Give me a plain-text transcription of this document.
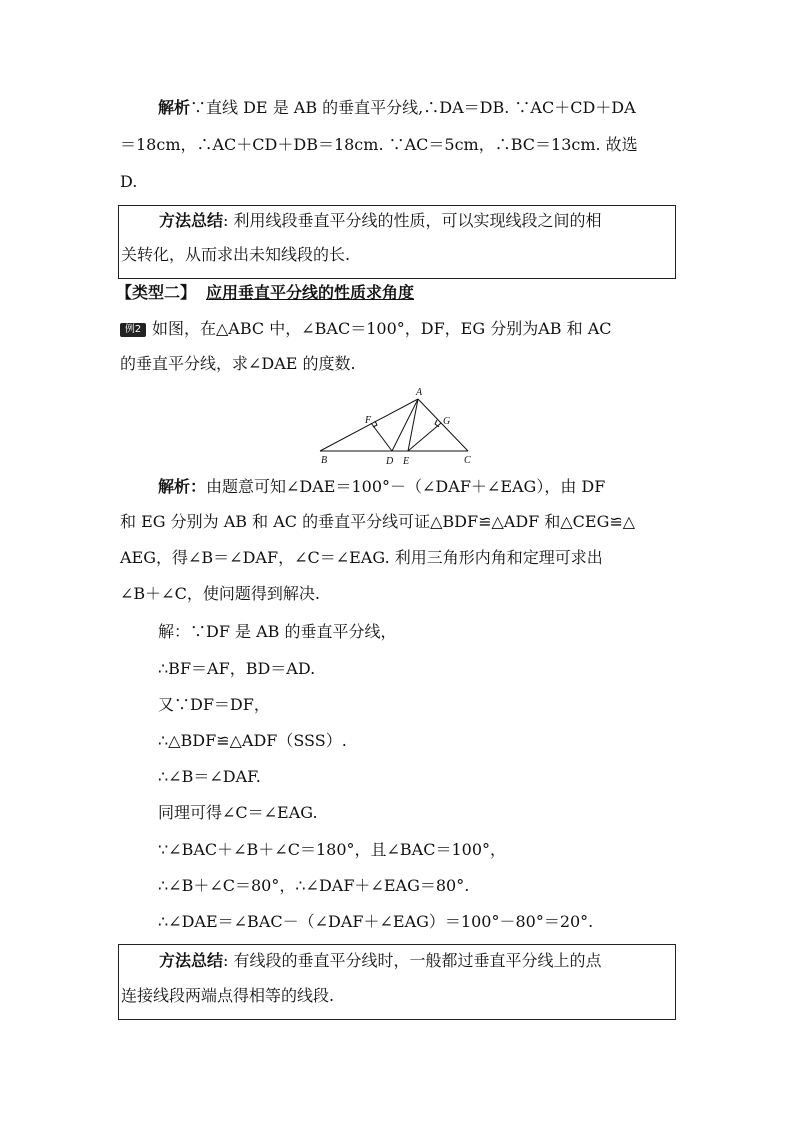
解析∵直线 DE 是 AB 的垂直平分线,∴DA＝DB. ∵AC＋CD＋DA
＝18cm，∴AC＋CD＋DB＝18cm. ∵AC＝5cm，∴BC＝13cm. 故选
D.
方法总结: 利用线段垂直平分线的性质，可以实现线段之间的相
关转化，从而求出未知线段的长.
【类型二】 应用垂直平分线的性质求角度
例2 如图，在△ABC 中，∠BAC＝100°，DF，EG 分别为AB 和 AC
的垂直平分线，求∠DAE 的度数.
A
F	G
B	D E	C
解析：由题意可知∠DAE＝100°－（∠DAF＋∠EAG），由 DF
和 EG 分别为 AB 和 AC 的垂直平分线可证△BDF≌△ADF 和△CEG≌△
AEG，得∠B＝∠DAF，∠C＝∠EAG. 利用三角形内角和定理可求出
∠B＋∠C，使问题得到解决.
解：∵DF 是 AB 的垂直平分线，
∴BF＝AF，BD＝AD.
又∵DF＝DF，
∴△BDF≌△ADF（SSS）.
∴∠B＝∠DAF.
同理可得∠C＝∠EAG.
∵∠BAC＋∠B＋∠C＝180°，且∠BAC＝100°，
∴∠B＋∠C＝80°，∴∠DAF＋∠EAG＝80°.
∴∠DAE＝∠BAC－（∠DAF＋∠EAG）＝100°－80°＝20°.
方法总结: 有线段的垂直平分线时，一般都过垂直平分线上的点
连接线段两端点得相等的线段.
